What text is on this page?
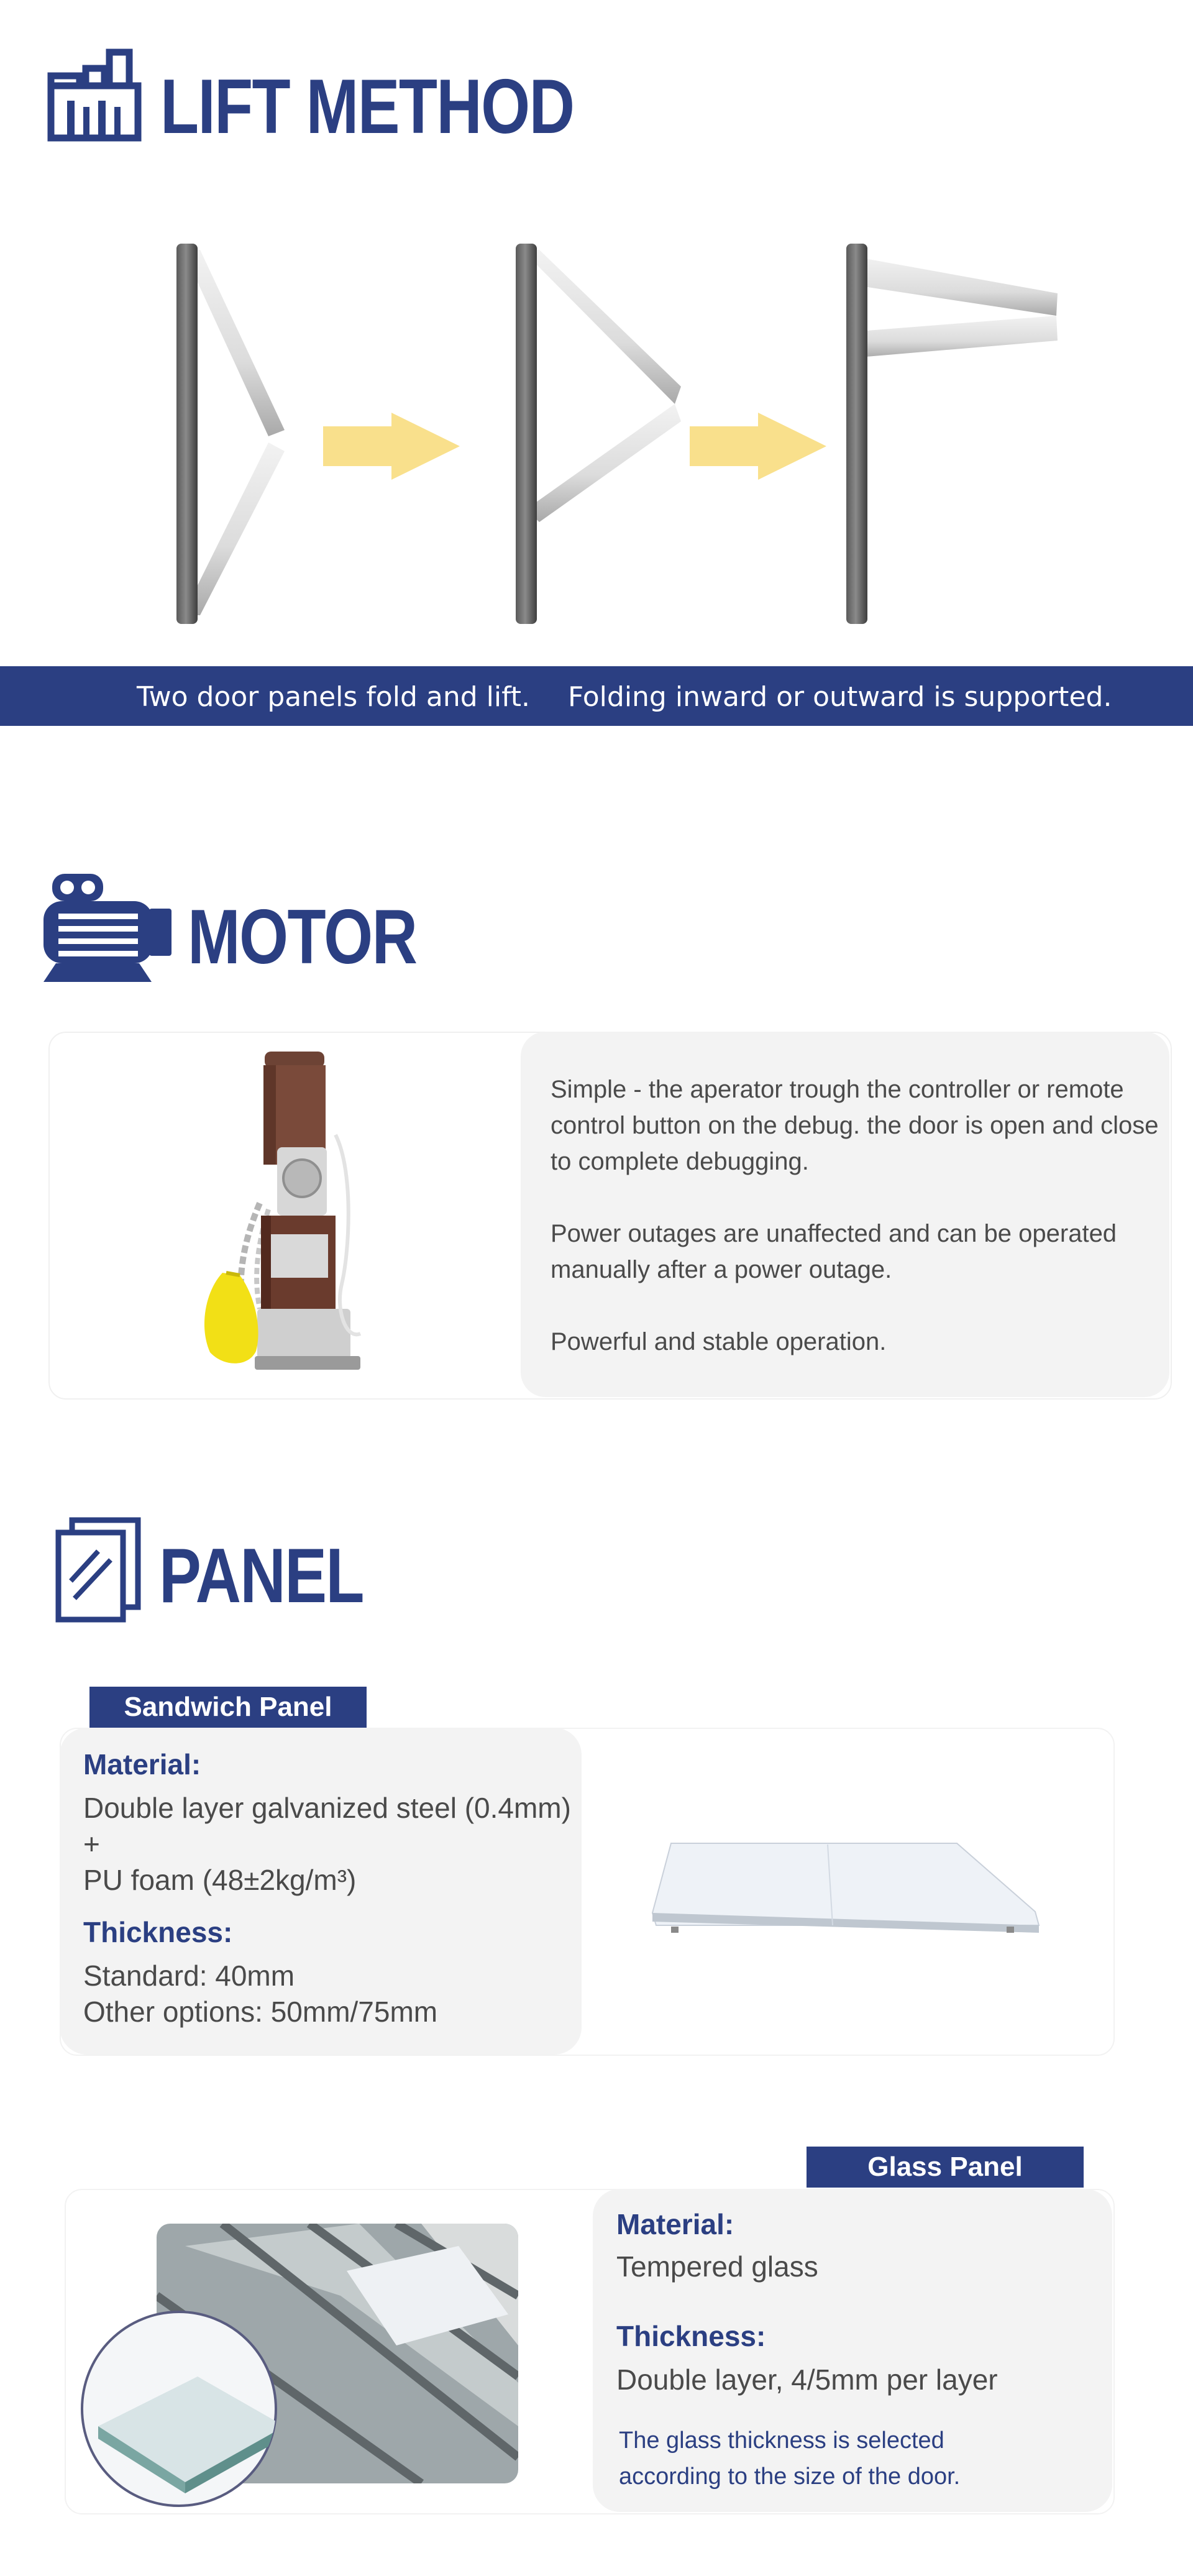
LIFT METHOD
Two door panels fold and lift. Folding inward or outward is supported.
MOTOR

Simple - the aperator trough the controller or remote control button on the debug. the door is open and close to complete debugging.

Power outages are unaffected and can be operated manually after a power outage.

Powerful and stable operation.

PANEL
Sandwich Panel
Material:

Double layer galvanized steel (0.4mm)

+

PU foam (48±2kg/m³)

Thickness:

Standard: 40mm

Other options: 50mm/75mm

Glass Panel
Material:

Tempered glass

Thickness:

Double layer, 4/5mm per layer

The glass thickness is selected

according to the size of the door.
